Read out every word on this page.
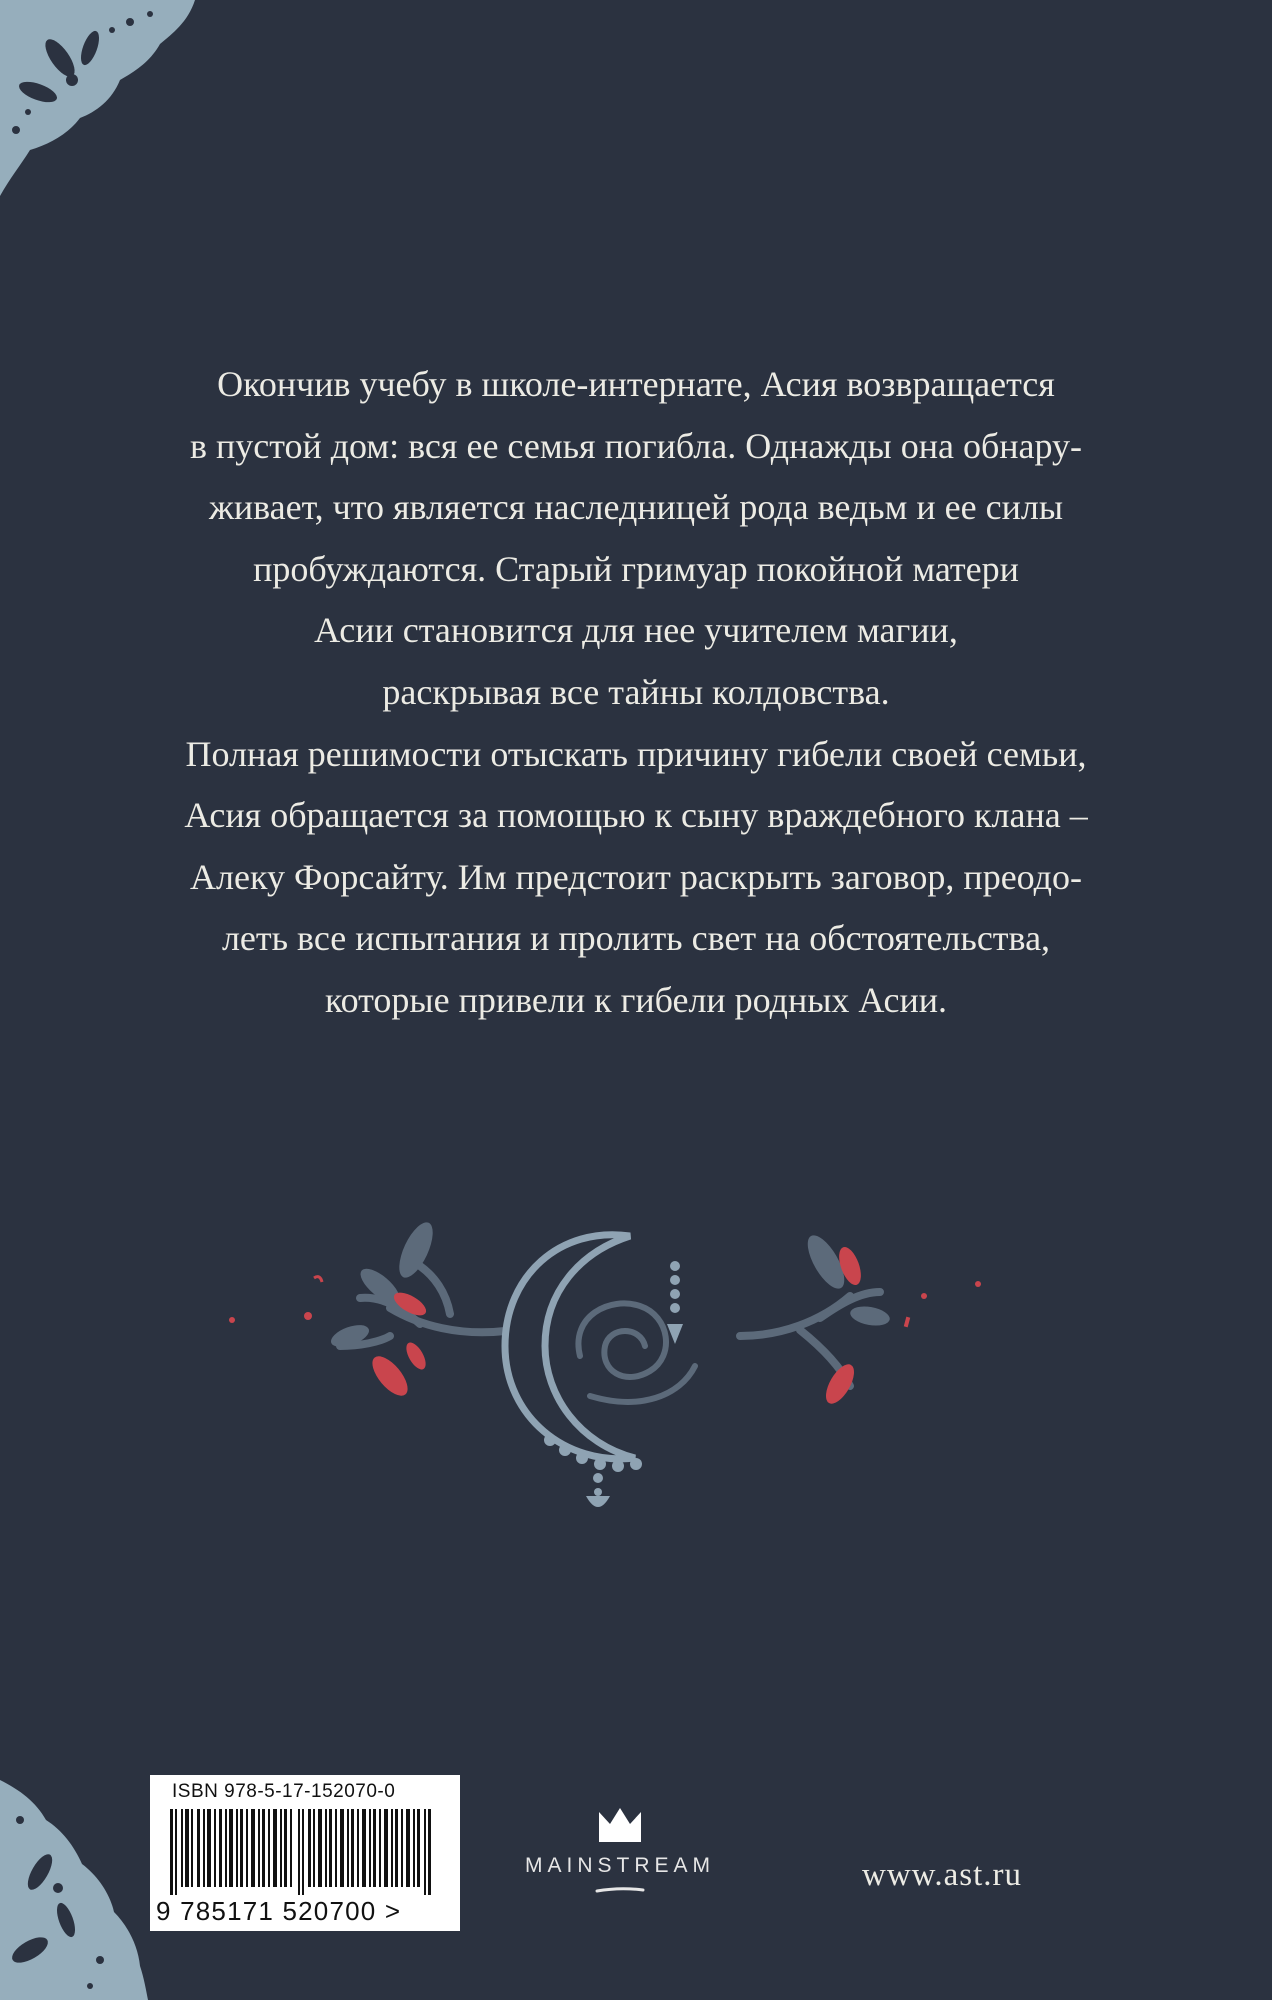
Окончив учебу в школе-интернате, Асия возвращается
в пустой дом: вся ее семья погибла. Однажды она обнару-
живает, что является наследницей рода ведьм и ее силы
пробуждаются. Старый гримуар покойной матери
Асии становится для нее учителем магии,
раскрывая все тайны колдовства.
Полная решимости отыскать причину гибели своей семьи,
Асия обращается за помощью к сыну враждебного клана –
Алеку Форсайту. Им предстоит раскрыть заговор, преодо-
леть все испытания и пролить свет на обстоятельства,
которые привели к гибели родных Асии.
ISBN 978-5-17-152070-0
9 785171 520700 >
MAINSTREAM	www.ast.ru
